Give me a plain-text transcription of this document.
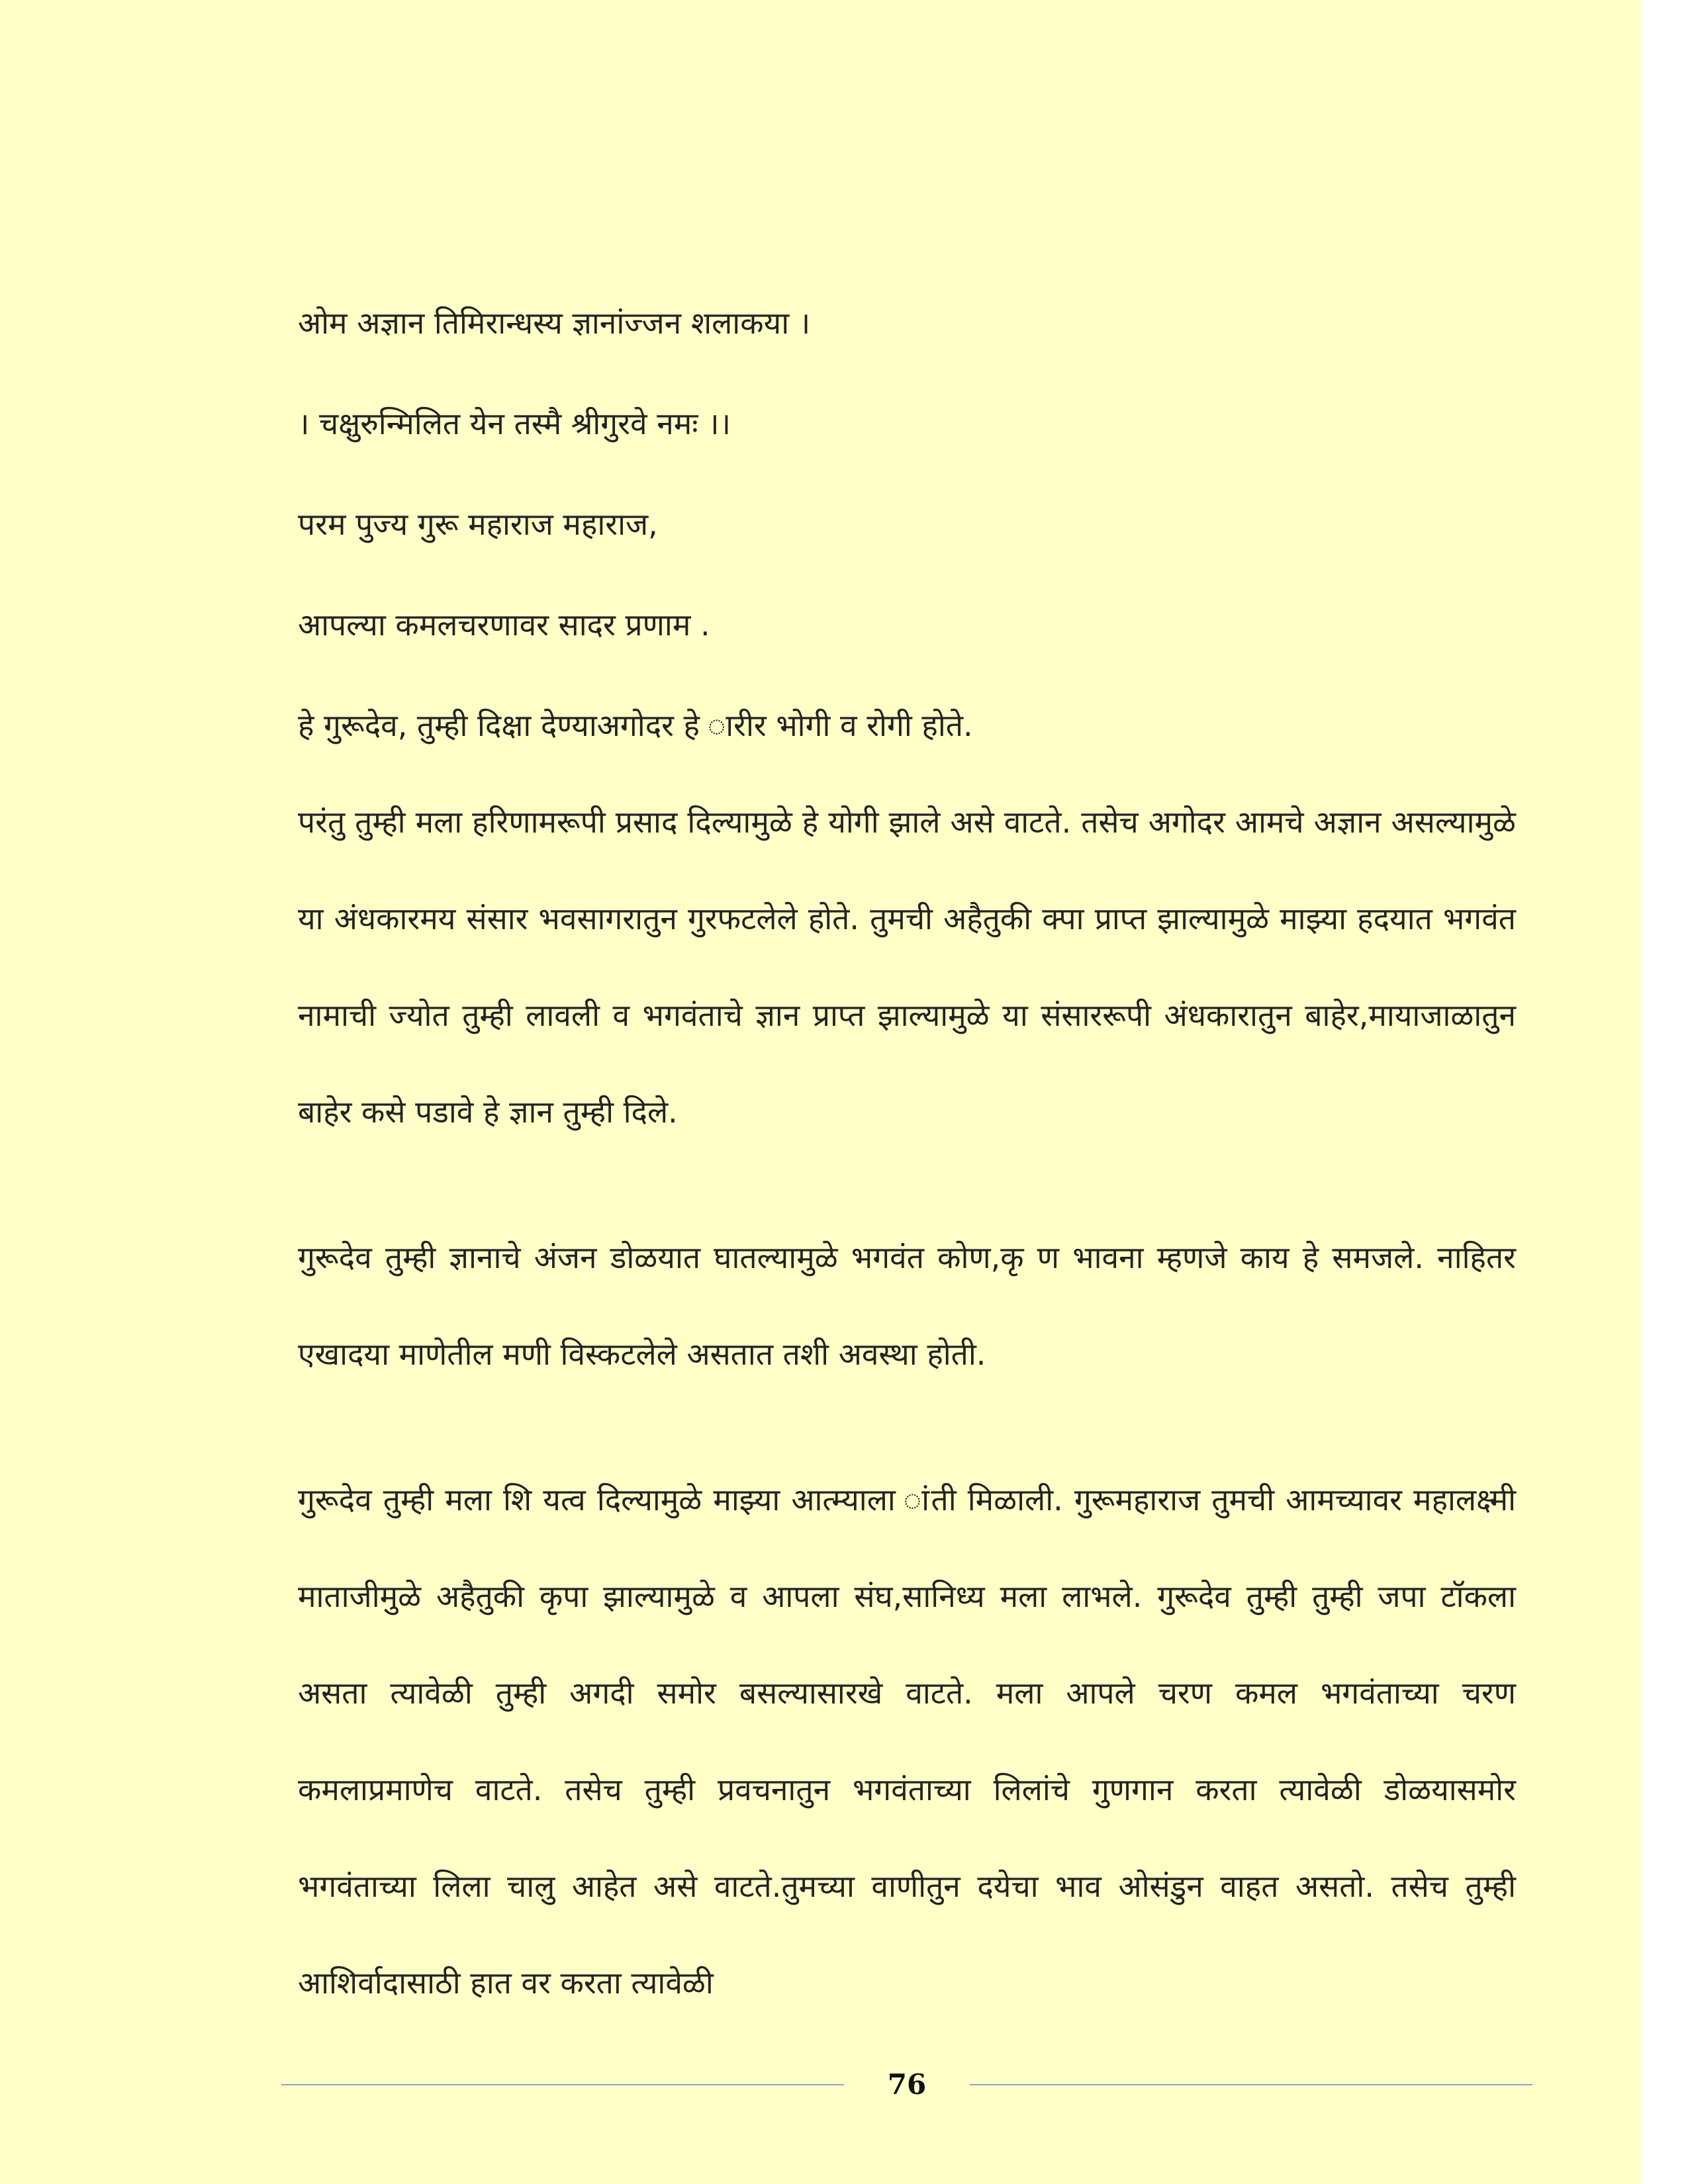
ओम अज्ञान तिमिरान्धस्य ज्ञानांज्जन शलाकया ।

। चक्षुरुन्मिलित येन तस्मै श्रीगुरवे नमः ।।

परम पुज्य गुरू महाराज महाराज,

आपल्या कमलचरणावर सादर प्रणाम .

हे गुरूदेव, तुम्ही दिक्षा देण्याअगोदर हे ारीर भोगी व रोगी होते.

परंतु तुम्ही मला हरिणामरूपी प्रसाद दिल्यामुळे हे योगी झाले असे वाटते. तसेच अगोदर आमचे अज्ञान असल्यामुळे या अंधकारमय संसार भवसागरातुन गुरफटलेले होते. तुमची अहैतुकी क्पा प्राप्त झाल्यामुळे माझ्या हदयात भगवंत नामाची ज्योत तुम्ही लावली व भगवंताचे ज्ञान प्राप्त झाल्यामुळे या संसाररूपी अंधकारातुन बाहेर,मायाजाळातुन बाहेर कसे पडावे हे ज्ञान तुम्ही दिले.

गुरूदेव तुम्ही ज्ञानाचे अंजन डोळयात घातल्यामुळे भगवंत कोण,कृ ण भावना म्हणजे काय हे समजले. नाहितर एखादया माणेतील मणी विस्कटलेले असतात तशी अवस्था होती.

गुरूदेव तुम्ही मला शि यत्व दिल्यामुळे माझ्या आत्म्याला ांती मिळाली. गुरूमहाराज तुमची आमच्यावर महालक्ष्मी माताजीमुळे अहैतुकी कृपा झाल्यामुळे व आपला संघ,सानिध्य मला लाभले. गुरूदेव तुम्ही तुम्ही जपा टॉकला असता त्यावेळी तुम्ही अगदी समोर बसल्यासारखे वाटते. मला आपले चरण कमल भगवंताच्या चरण कमलाप्रमाणेच वाटते. तसेच तुम्ही प्रवचनातुन भगवंताच्या लिलांचे गुणगान करता त्यावेळी डोळयासमोर भगवंताच्या लिला चालु आहेत असे वाटते.तुमच्या वाणीतुन दयेचा भाव ओसंडुन वाहत असतो. तसेच तुम्ही आशिर्वादासाठी हात वर करता त्यावेळी

76
